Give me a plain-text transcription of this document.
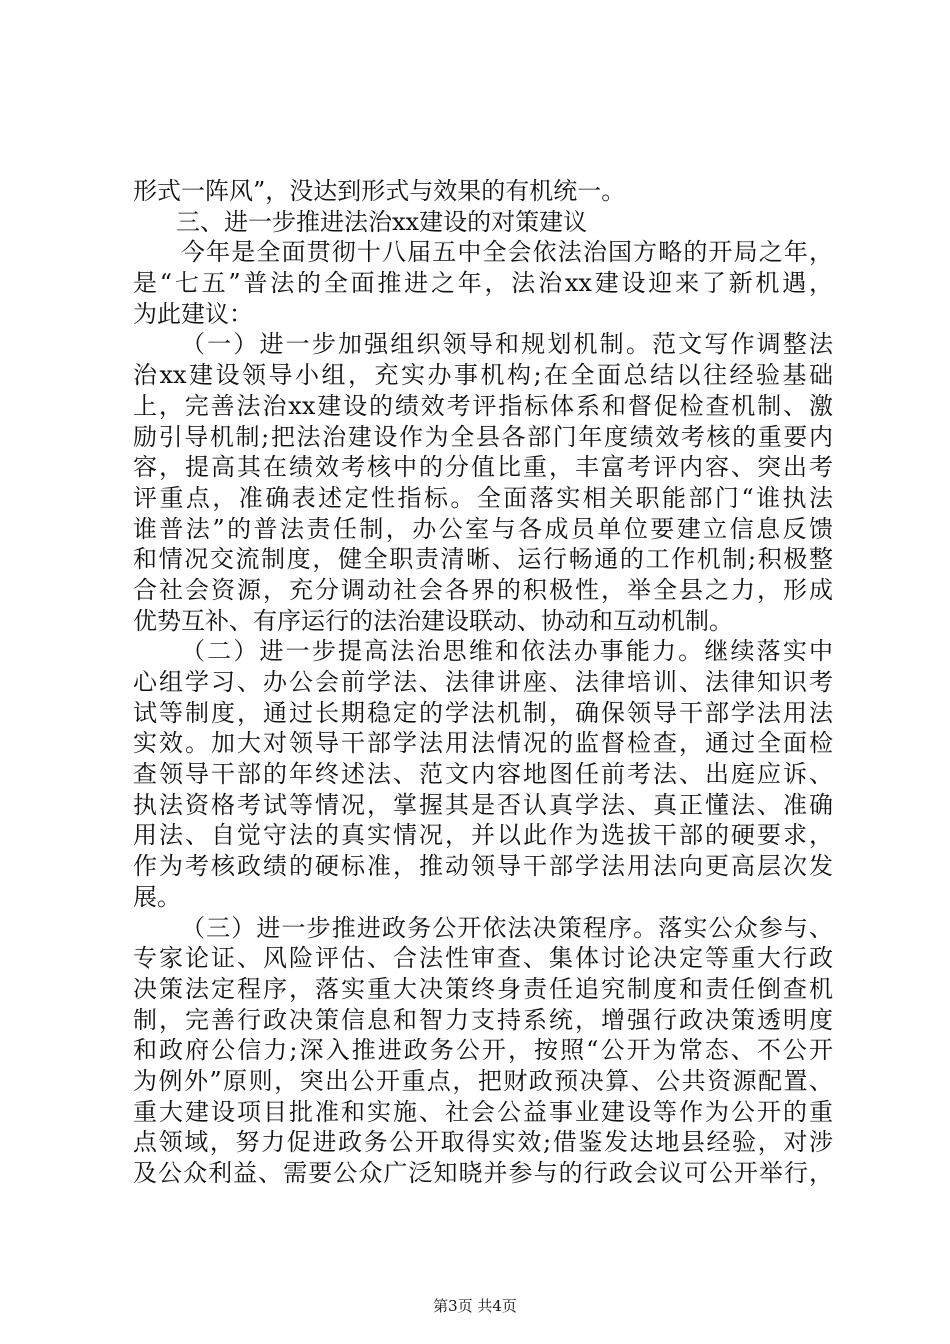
形式一阵风”，没达到形式与效果的有机统一。
三、进一步推进法治xx建设的对策建议
今年是全面贯彻十八届五中全会依法治国方略的开局之年，
是“七五”普法的全面推进之年，法治xx建设迎来了新机遇，
为此建议：
（一）进一步加强组织领导和规划机制。范文写作调整法
治xx建设领导小组，充实办事机构;在全面总结以往经验基础
上，完善法治xx建设的绩效考评指标体系和督促检查机制、激
励引导机制;把法治建设作为全县各部门年度绩效考核的重要内
容，提高其在绩效考核中的分值比重，丰富考评内容、突出考
评重点，准确表述定性指标。全面落实相关职能部门“谁执法
谁普法”的普法责任制，办公室与各成员单位要建立信息反馈
和情况交流制度，健全职责清晰、运行畅通的工作机制;积极整
合社会资源，充分调动社会各界的积极性，举全县之力，形成
优势互补、有序运行的法治建设联动、协动和互动机制。
（二）进一步提高法治思维和依法办事能力。继续落实中
心组学习、办公会前学法、法律讲座、法律培训、法律知识考
试等制度，通过长期稳定的学法机制，确保领导干部学法用法
实效。加大对领导干部学法用法情况的监督检查，通过全面检
查领导干部的年终述法、范文内容地图任前考法、出庭应诉、
执法资格考试等情况，掌握其是否认真学法、真正懂法、准确
用法、自觉守法的真实情况，并以此作为选拔干部的硬要求，
作为考核政绩的硬标准，推动领导干部学法用法向更高层次发
展。
（三）进一步推进政务公开依法决策程序。落实公众参与、
专家论证、风险评估、合法性审查、集体讨论决定等重大行政
决策法定程序，落实重大决策终身责任追究制度和责任倒查机
制，完善行政决策信息和智力支持系统，增强行政决策透明度
和政府公信力;深入推进政务公开，按照“公开为常态、不公开
为例外”原则，突出公开重点，把财政预决算、公共资源配置、
重大建设项目批准和实施、社会公益事业建设等作为公开的重
点领域，努力促进政务公开取得实效;借鉴发达地县经验，对涉
及公众利益、需要公众广泛知晓并参与的行政会议可公开举行，
第3页 共4页
